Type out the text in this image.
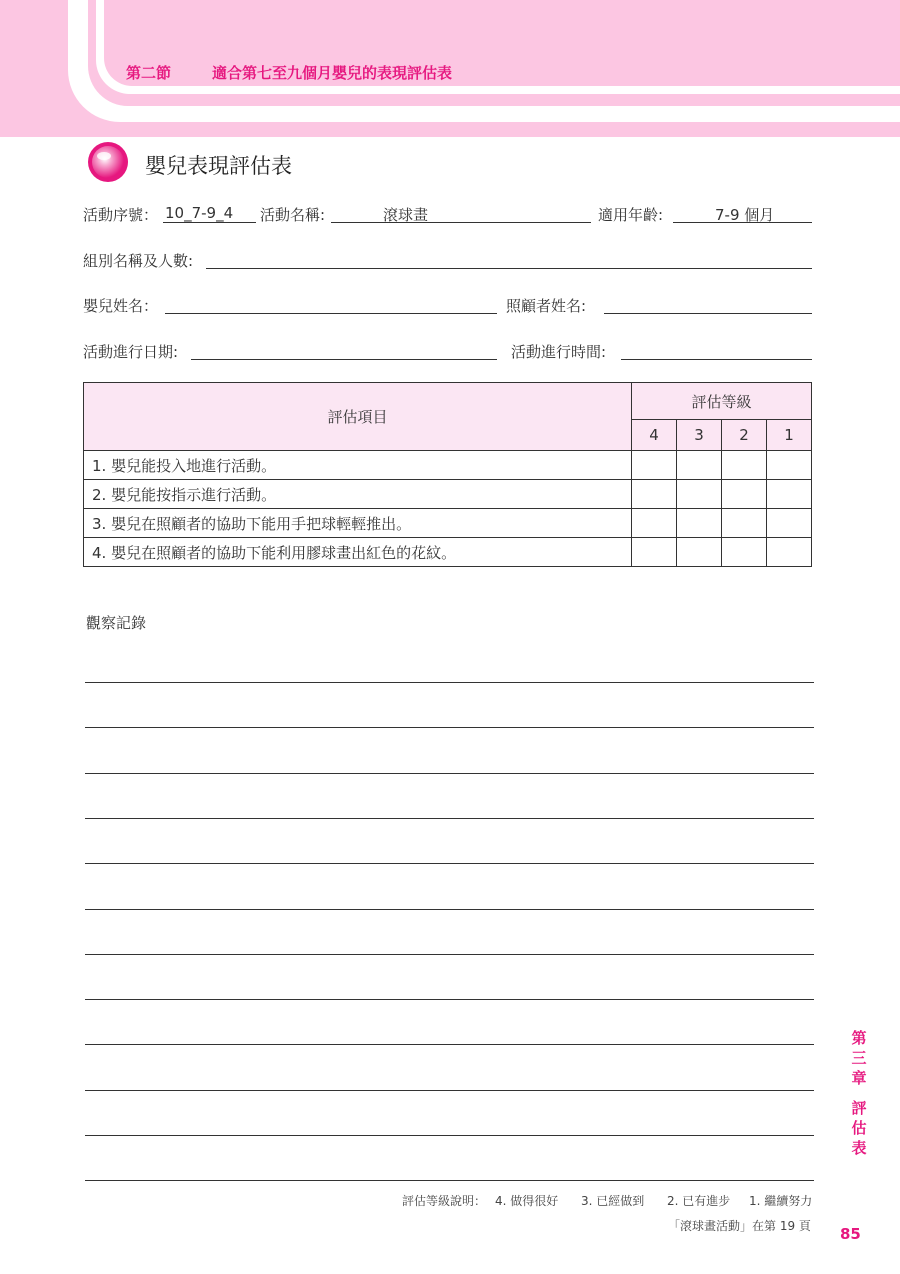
第二節	適合第七至九個月嬰兒的表現評估表
嬰兒表現評估表
活動序號： 10_7-9_4 活動名稱:	滾球畫	適用年齡:	7-9 個月
組別名稱及人數:
嬰兒姓名：	照顧者姓名:
活動進行日期:	活動進行時間:
評估項目	評估等級			
	4	3	2	1
1. 嬰兒能投入地進行活動。				
2. 嬰兒能按指示進行活動。				
3. 嬰兒在照顧者的協助下能用手把球輕輕推出。				
4. 嬰兒在照顧者的協助下能利用膠球畫出紅色的花紋。				
觀察記錄
評估等級說明： 4. 做得很好 3. 已經做到 2. 已有進步 1. 繼續努力
「滾球畫活動」在第 19 頁 85
第
三
章
評
估
表
